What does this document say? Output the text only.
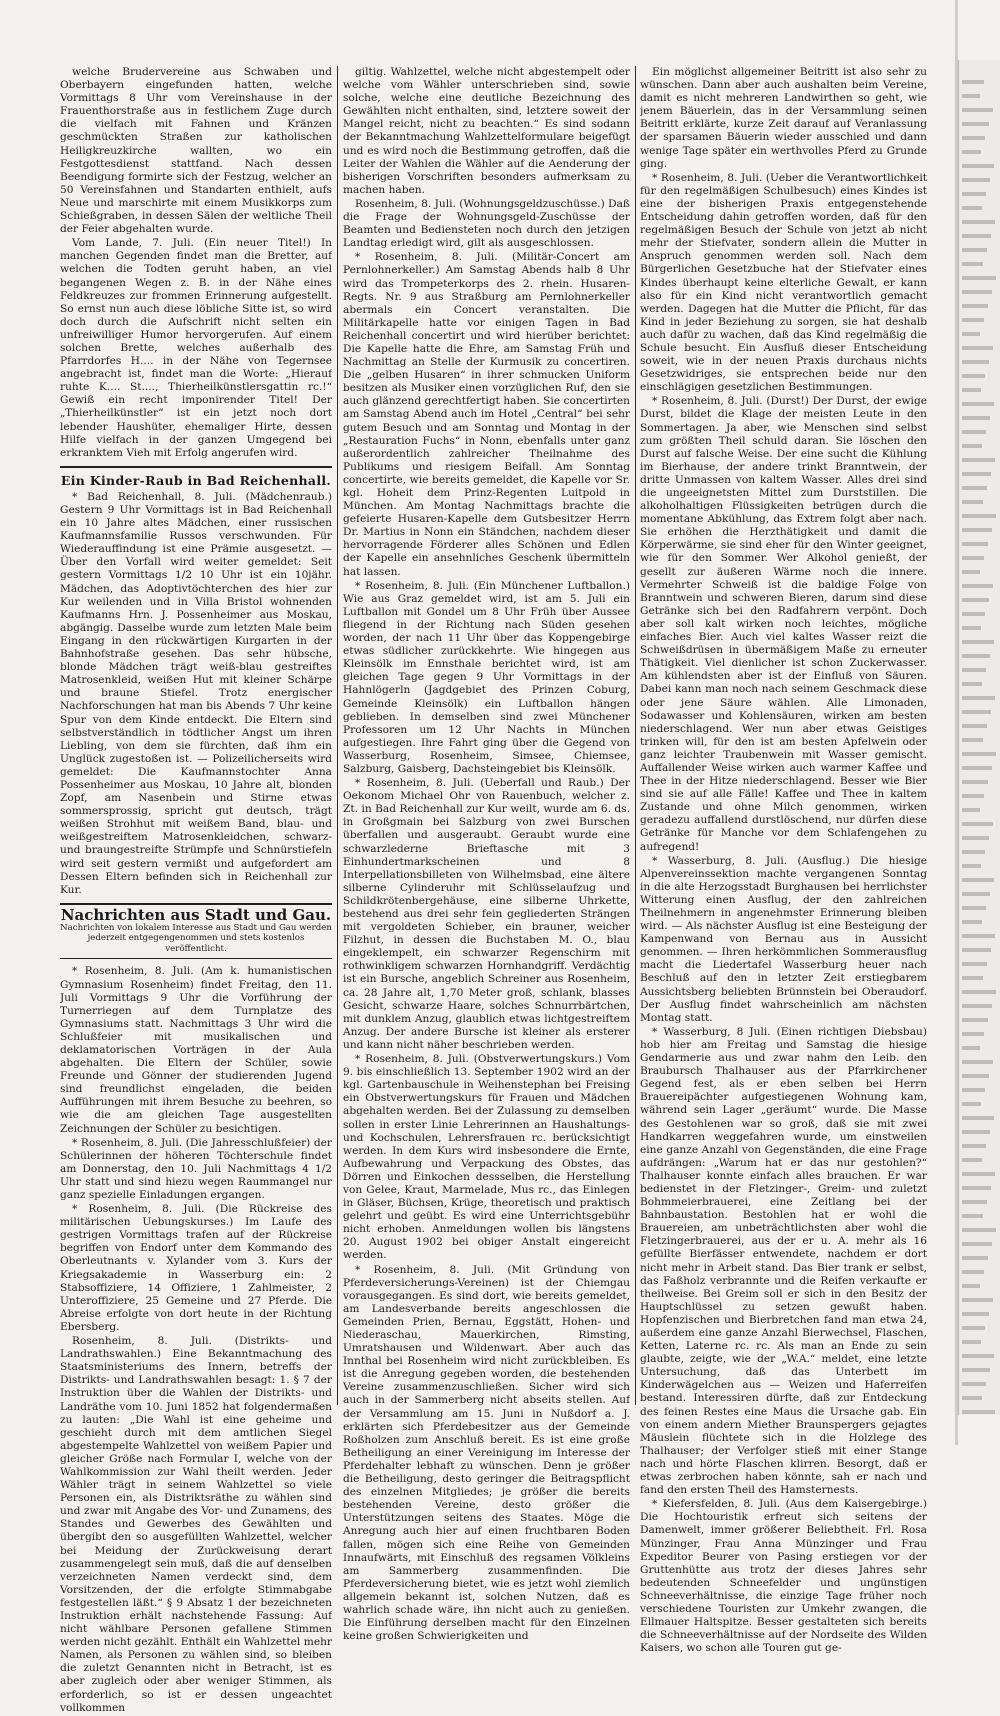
welche Brudervereine aus Schwaben und Oberbayern eingefunden hatten, welche Vormittags 8 Uhr vom Vereinshause in der Frauenthorstraße aus in festlichem Zuge durch die vielfach mit Fahnen und Kränzen geschmückten Straßen zur katholischen Heiligkreuzkirche wallten, wo ein Festgottesdienst stattfand. Nach dessen Beendigung formirte sich der Festzug, welcher an 50 Vereinsfahnen und Standarten enthielt, aufs Neue und marschirte mit einem Musikkorps zum Schießgraben, in dessen Sälen der weltliche Theil der Feier abgehalten wurde.

Vom Lande, 7. Juli. (Ein neuer Titel!) In manchen Gegenden findet man die Bretter, auf welchen die Todten geruht haben, an viel begangenen Wegen z. B. in der Nähe eines Feldkreuzes zur frommen Erinnerung aufgestellt. So ernst nun auch diese löbliche Sitte ist, so wird doch durch die Aufschrift nicht selten ein unfreiwilliger Humor hervorgerufen. Auf einem solchen Brette, welches außerhalb des Pfarrdorfes H.... in der Nähe von Tegernsee angebracht ist, findet man die Worte: „Hierauf ruhte K.... St...., Thierheilkünstlersgattin rc.!“ Gewiß ein recht imponirender Titel! Der „Thierheilkünstler“ ist ein jetzt noch dort lebender Haushüter, ehemaliger Hirte, dessen Hilfe vielfach in der ganzen Umgegend bei erkranktem Vieh mit Erfolg angerufen wird.

Ein Kinder-Raub in Bad Reichenhall.

* Bad Reichenhall, 8. Juli. (Mädchenraub.) Gestern 9 Uhr Vormittags ist in Bad Reichenhall ein 10 Jahre altes Mädchen, einer russischen Kaufmannsfamilie Russos verschwunden. Für Wiederauffindung ist eine Prämie ausgesetzt. — Über den Vorfall wird weiter gemeldet: Seit gestern Vormittags 1/2 10 Uhr ist ein 10jähr. Mädchen, das Adoptivtöchterchen des hier zur Kur weilenden und in Villa Bristol wohnenden Kaufmanns Hrn. J. Possenheimer aus Moskau, abgängig. Dasselbe wurde zum letzten Male beim Eingang in den rückwärtigen Kurgarten in der Bahnhofstraße gesehen. Das sehr hübsche, blonde Mädchen trägt weiß-blau gestreiftes Matrosenkleid, weißen Hut mit kleiner Schärpe und braune Stiefel. Trotz energischer Nachforschungen hat man bis Abends 7 Uhr keine Spur von dem Kinde entdeckt. Die Eltern sind selbstverständlich in tödtlicher Angst um ihren Liebling, von dem sie fürchten, daß ihm ein Unglück zugestoßen ist. — Polizeilicherseits wird gemeldet: Die Kaufmannstochter Anna Possenheimer aus Moskau, 10 Jahre alt, blonden Zopf, am Nasenbein und Stirne etwas sommersprossig, spricht gut deutsch, trägt weißen Strohhut mit weißem Band, blau- und weißgestreiftem Matrosenkleidchen, schwarz- und braungestreifte Strümpfe und Schnürstiefeln wird seit gestern vermißt und aufgefordert am Dessen Eltern befinden sich in Reichenhall zur Kur.

Nachrichten aus Stadt und Gau.
Nachrichten von lokalem Interesse aus Stadt und Gau werden jederzeit entgegengenommen und stets kostenlos veröffentlicht.

* Rosenheim, 8. Juli. (Am k. humanistischen Gymnasium Rosenheim) findet Freitag, den 11. Juli Vormittags 9 Uhr die Vorführung der Turnerriegen auf dem Turnplatze des Gymnasiums statt. Nachmittags 3 Uhr wird die Schlußfeier mit musikalischen und deklamatorischen Vorträgen in der Aula abgehalten. Die Eltern der Schüler, sowie Freunde und Gönner der studierenden Jugend sind freundlichst eingeladen, die beiden Aufführungen mit ihrem Besuche zu beehren, so wie die am gleichen Tage ausgestellten Zeichnungen der Schüler zu besichtigen.

* Rosenheim, 8. Juli. (Die Jahresschlußfeier) der Schülerinnen der höheren Töchterschule findet am Donnerstag, den 10. Juli Nachmittags 4 1/2 Uhr statt und sind hiezu wegen Raummangel nur ganz spezielle Einladungen ergangen.

* Rosenheim, 8. Juli. (Die Rückreise des militärischen Uebungskurses.) Im Laufe des gestrigen Vormittags trafen auf der Rückreise begriffen von Endorf unter dem Kommando des Oberleutnants v. Xylander vom 3. Kurs der Kriegsakademie in Wasserburg ein: 2 Stabsoffiziere, 14 Offiziere, 1 Zahlmeister, 2 Unteroffiziere, 25 Gemeine und 27 Pferde. Die Abreise erfolgte von dort heute in der Richtung Ebersberg.

Rosenheim, 8. Juli. (Distrikts- und Landrathswahlen.) Eine Bekanntmachung des Staatsministeriums des Innern, betreffs der Distrikts- und Landrathswahlen besagt: 1. § 7 der Instruktion über die Wahlen der Distrikts- und Landräthe vom 10. Juni 1852 hat folgendermaßen zu lauten: „Die Wahl ist eine geheime und geschieht durch mit dem amtlichen Siegel abgestempelte Wahlzettel von weißem Papier und gleicher Größe nach Formular I, welche von der Wahlkommission zur Wahl theilt werden. Jeder Wähler trägt in seinem Wahlzettel so viele Personen ein, als Distriktsräthe zu wählen sind und zwar mit Angabe des Vor- und Zunamens, des Standes und Gewerbes des Gewählten und übergibt den so ausgefüllten Wahlzettel, welcher bei Meidung der Zurückweisung derart zusammengelegt sein muß, daß die auf denselben verzeichneten Namen verdeckt sind, dem Vorsitzenden, der die erfolgte Stimmabgabe festgestellen läßt.“ § 9 Absatz 1 der bezeichneten Instruktion erhält nachstehende Fassung: Auf nicht wählbare Personen gefallene Stimmen werden nicht gezählt. Enthält ein Wahlzettel mehr Namen, als Personen zu wählen sind, so bleiben die zuletzt Genannten nicht in Betracht, ist es aber zugleich oder aber weniger Stimmen, als erforderlich, so ist er dessen ungeachtet vollkommen

giltig. Wahlzettel, welche nicht abgestempelt oder welche vom Wähler unterschrieben sind, sowie solche, welche eine deutliche Bezeichnung des Gewählten nicht enthalten, sind, letztere soweit der Mangel reicht, nicht zu beachten.“ Es sind sodann der Bekanntmachung Wahlzettelformulare beigefügt und es wird noch die Bestimmung getroffen, daß die Leiter der Wahlen die Wähler auf die Aenderung der bisherigen Vorschriften besonders aufmerksam zu machen haben.

Rosenheim, 8. Juli. (Wohnungsgeldzuschüsse.) Daß die Frage der Wohnungsgeld-Zuschüsse der Beamten und Bediensteten noch durch den jetzigen Landtag erledigt wird, gilt als ausgeschlossen.

* Rosenheim, 8. Juli. (Militär-Concert am Pernlohnerkeller.) Am Samstag Abends halb 8 Uhr wird das Trompeterkorps des 2. rhein. Husaren-Regts. Nr. 9 aus Straßburg am Pernlohnerkeller abermals ein Concert veranstalten. Die Militärkapelle hatte vor einigen Tagen in Bad Reichenhall concertirt und wird hierüber berichtet: Die Kapelle hatte die Ehre, am Samstag Früh und Nachmittag an Stelle der Kurmusik zu concertiren. Die „gelben Husaren“ in ihrer schmucken Uniform besitzen als Musiker einen vorzüglichen Ruf, den sie auch glänzend gerechtfertigt haben. Sie concertirten am Samstag Abend auch im Hotel „Central“ bei sehr gutem Besuch und am Sonntag und Montag in der „Restauration Fuchs“ in Nonn, ebenfalls unter ganz außerordentlich zahlreicher Theilnahme des Publikums und riesigem Beifall. Am Sonntag concertirte, wie bereits gemeldet, die Kapelle vor Sr. kgl. Hoheit dem Prinz-Regenten Luitpold in München. Am Montag Nachmittags brachte die gefeierte Husaren-Kapelle dem Gutsbesitzer Herrn Dr. Martius in Nonn ein Ständchen, nachdem dieser hervorragende Förderer alles Schönen und Edlen der Kapelle ein ansehnliches Geschenk übermitteln hat lassen.

* Rosenheim, 8. Juli. (Ein Münchener Luftballon.) Wie aus Graz gemeldet wird, ist am 5. Juli ein Luftballon mit Gondel um 8 Uhr Früh über Aussee fliegend in der Richtung nach Süden gesehen worden, der nach 11 Uhr über das Koppengebirge etwas südlicher zurückkehrte. Wie hingegen aus Kleinsölk im Ennsthale berichtet wird, ist am gleichen Tage gegen 9 Uhr Vormittags in der Hahnlögerln (Jagdgebiet des Prinzen Coburg, Gemeinde Kleinsölk) ein Luftballon hängen geblieben. In demselben sind zwei Münchener Professoren um 12 Uhr Nachts in München aufgestiegen. Ihre Fahrt ging über die Gegend von Wasserburg, Rosenheim, Simsee, Chiemsee, Salzburg, Gaisberg, Dachsteingebiet bis Kleinsölk.

* Rosenheim, 8. Juli. (Ueberfall und Raub.) Der Oekonom Michael Ohr von Rauenbuch, welcher z. Zt. in Bad Reichenhall zur Kur weilt, wurde am 6. ds. in Großgmain bei Salzburg von zwei Burschen überfallen und ausgeraubt. Geraubt wurde eine schwarzlederne Brieftasche mit 3 Einhundertmarkscheinen und 8 Interpellationsbilleten von Wilhelmsbad, eine ältere silberne Cylinderuhr mit Schlüsselaufzug und Schildkrötenbergehäuse, eine silberne Uhrkette, bestehend aus drei sehr fein gegliederten Strängen mit vergoldeten Schieber, ein brauner, weicher Filzhut, in dessen die Buchstaben M. O., blau eingeklempelt, ein schwarzer Regenschirm mit rothwinkligem schwarzen Hornhandgriff. Verdächtig ist ein Bursche, angeblich Schreiner aus Rosenheim, ca. 28 Jahre alt, 1,70 Meter groß, schlank, blasses Gesicht, schwarze Haare, solches Schnurrbärtchen, mit dunklem Anzug, glaublich etwas lichtgestreiftem Anzug. Der andere Bursche ist kleiner als ersterer und kann nicht näher beschrieben werden.

* Rosenheim, 8. Juli. (Obstverwertungskurs.) Vom 9. bis einschließlich 13. September 1902 wird an der kgl. Gartenbauschule in Weihenstephan bei Freising ein Obstverwertungskurs für Frauen und Mädchen abgehalten werden. Bei der Zulassung zu demselben sollen in erster Linie Lehrerinnen an Haushaltungs- und Kochschulen, Lehrersfrauen rc. berücksichtigt werden. In dem Kurs wird insbesondere die Ernte, Aufbewahrung und Verpackung des Obstes, das Dörren und Einkochen dessselben, die Herstellung von Gelee, Kraut, Marmelade, Mus rc., das Einlegen in Gläser, Büchsen, Krüge, theoretisch und praktisch gelehrt und geübt. Es wird eine Unterrichtsgebühr nicht erhoben. Anmeldungen wollen bis längstens 20. August 1902 bei obiger Anstalt eingereicht werden.

* Rosenheim, 8. Juli. (Mit Gründung von Pferdeversicherungs-Vereinen) ist der Chiemgau vorausgegangen. Es sind dort, wie bereits gemeldet, am Landesverbande bereits angeschlossen die Gemeinden Prien, Bernau, Eggstätt, Hohen- und Niederaschau, Mauerkirchen, Rimsting, Umratshausen und Wildenwart. Aber auch das Innthal bei Rosenheim wird nicht zurückbleiben. Es ist die Anregung gegeben worden, die bestehenden Vereine zusammenzuschließen. Sicher wird sich auch in der Sammerberg nicht abseits stellen. Auf der Versammlung am 15. Juni in Nußdorf a. J. erklärten sich Pferdebesitzer aus der Gemeinde Roßholzen zum Anschluß bereit. Es ist eine große Betheiligung an einer Vereinigung im Interesse der Pferdehalter lebhaft zu wünschen. Denn je größer die Betheiligung, desto geringer die Beitragspflicht des einzelnen Mitgliedes; je größer die bereits bestehenden Vereine, desto größer die Unterstützungen seitens des Staates. Möge die Anregung auch hier auf einen fruchtbaren Boden fallen, mögen sich eine Reihe von Gemeinden Innaufwärts, mit Einschluß des regsamen Völkleins am Sammerberg zusammenfinden. Die Pferdeversicherung bietet, wie es jetzt wohl ziemlich allgemein bekannt ist, solchen Nutzen, daß es wahrlich schade wäre, ihn nicht auch zu genießen. Die Einführung derselben macht für den Einzelnen keine großen Schwierigkeiten und

Ein möglichst allgemeiner Beitritt ist also sehr zu wünschen. Dann aber auch aushalten beim Vereine, damit es nicht mehreren Landwirthen so geht, wie jenem Bäuerlein, das in der Versammlung seinen Beitritt erklärte, kurze Zeit darauf auf Veranlassung der sparsamen Bäuerin wieder ausschied und dann wenige Tage später ein werthvolles Pferd zu Grunde ging.

* Rosenheim, 8. Juli. (Ueber die Verantwortlichkeit für den regelmäßigen Schulbesuch) eines Kindes ist eine der bisherigen Praxis entgegenstehende Entscheidung dahin getroffen worden, daß für den regelmäßigen Besuch der Schule von jetzt ab nicht mehr der Stiefvater, sondern allein die Mutter in Anspruch genommen werden soll. Nach dem Bürgerlichen Gesetzbuche hat der Stiefvater eines Kindes überhaupt keine elterliche Gewalt, er kann also für ein Kind nicht verantwortlich gemacht werden. Dagegen hat die Mutter die Pflicht, für das Kind in jeder Beziehung zu sorgen, sie hat deshalb auch dafür zu wachen, daß das Kind regelmäßig die Schule besucht. Ein Ausfluß dieser Entscheidung soweit, wie in der neuen Praxis durchaus nichts Gesetzwidriges, sie entsprechen beide nur den einschlägigen gesetzlichen Bestimmungen.

* Rosenheim, 8. Juli. (Durst!) Der Durst, der ewige Durst, bildet die Klage der meisten Leute in den Sommertagen. Ja aber, wie Menschen sind selbst zum größten Theil schuld daran. Sie löschen den Durst auf falsche Weise. Der eine sucht die Kühlung im Bierhause, der andere trinkt Branntwein, der dritte Unmassen von kaltem Wasser. Alles drei sind die ungeeignetsten Mittel zum Durststillen. Die alkoholhaltigen Flüssigkeiten betrügen durch die momentane Abkühlung, das Extrem folgt aber nach. Sie erhöhen die Herzthätigkeit und damit die Körperwärme, sie sind eher für den Winter geeignet, wie für den Sommer. Wer Alkohol genießt, der gesellt zur äußeren Wärme noch die innere. Vermehrter Schweiß ist die baldige Folge von Branntwein und schweren Bieren, darum sind diese Getränke sich bei den Radfahrern verpönt. Doch aber soll kalt wirken noch leichtes, mögliche einfaches Bier. Auch viel kaltes Wasser reizt die Schweißdrüsen in übermäßigem Maße zu erneuter Thätigkeit. Viel dienlicher ist schon Zuckerwasser. Am kühlendsten aber ist der Einfluß von Säuren. Dabei kann man noch nach seinem Geschmack diese oder jene Säure wählen. Alle Limonaden, Sodawasser und Kohlensäuren, wirken am besten niederschlagend. Wer nun aber etwas Geistiges trinken will, für den ist am besten Apfelwein oder ganz leichter Traubenwein mit Wasser gemischt. Auffallender Weise wirken auch warmer Kaffee und Thee in der Hitze niederschlagend. Besser wie Bier sind sie auf alle Fälle! Kaffee und Thee in kaltem Zustande und ohne Milch genommen, wirken geradezu auffallend durstlöschend, nur dürfen diese Getränke für Manche vor dem Schlafengehen zu aufregend!

* Wasserburg, 8. Juli. (Ausflug.) Die hiesige Alpenvereinssektion machte vergangenen Sonntag in die alte Herzogsstadt Burghausen bei herrlichster Witterung einen Ausflug, der den zahlreichen Theilnehmern in angenehmster Erinnerung bleiben wird. — Als nächster Ausflug ist eine Besteigung der Kampenwand von Bernau aus in Aussicht genommen. — Ihren herkömmlichen Sommerausflug macht die Liedertafel Wasserburg heuer nach Beschluß auf den in letzter Zeit erstiegbarem Aussichtsberg beliebten Brünnstein bei Oberaudorf. Der Ausflug findet wahrscheinlich am nächsten Montag statt.

* Wasserburg, 8 Juli. (Einen richtigen Diebsbau) hob hier am Freitag und Samstag die hiesige Gendarmerie aus und zwar nahm den Leib. den Braubursch Thalhauser aus der Pfarrkirchener Gegend fest, als er eben selben bei Herrn Brauereipächter aufgestiegenen Wohnung kam, während sein Lager „geräumt“ wurde. Die Masse des Gestohlenen war so groß, daß sie mit zwei Handkarren weggefahren wurde, um einstweilen eine ganze Anzahl von Gegenständen, die eine Frage aufdrängen: „Warum hat er das nur gestohlen?“ Thalhauser konnte einfach alles brauchen. Er war bedienstet in der Fletzinger-, Greim- und zuletzt Bohmmeierbrauerei, eine Zeitlang bei der Bahnbaustation. Bestohlen hat er wohl die Brauereien, am unbeträchtlichsten aber wohl die Fletzingerbrauerei, aus der er u. A. mehr als 16 gefüllte Bierfässer entwendete, nachdem er dort nicht mehr in Arbeit stand. Das Bier trank er selbst, das Faßholz verbrannte und die Reifen verkaufte er theilweise. Bei Greim soll er sich in den Besitz der Hauptschlüssel zu setzen gewußt haben. Hopfenzischen und Bierbretchen fand man etwa 24, außerdem eine ganze Anzahl Bierwechsel, Flaschen, Ketten, Laterne rc. rc. Als man an Ende zu sein glaubte, zeigte, wie der „W.A.“ meldet, eine letzte Untersuchung, daß das Unterbett im Kinderwägelchen aus — Weizen und Haferreifen bestand. Interessiren dürfte, daß zur Entdeckung des feinen Restes eine Maus die Ursache gab. Ein von einem andern Miether Braunspergers gejagtes Mäuslein flüchtete sich in die Holzlege des Thalhauser; der Verfolger stieß mit einer Stange nach und hörte Flaschen klirren. Besorgt, daß er etwas zerbrochen haben könnte, sah er nach und fand den ersten Theil des Hamsternests.

* Kiefersfelden, 8. Juli. (Aus dem Kaisergebirge.) Die Hochtouristik erfreut sich seitens der Damenwelt, immer größerer Beliebtheit. Frl. Rosa Münzinger, Frau Anna Münzinger und Frau Expeditor Beurer von Pasing erstiegen vor der Gruttenhütte aus trotz der dieses Jahres sehr bedeutenden Schneefelder und ungünstigen Schneeverhältnisse, die einzige Tage früher noch verschiedene Touristen zur Umkehr zwangen, die Ellmauer Haltspitze. Besser gestalteten sich bereits die Schneeverhältnisse auf der Nordseite des Wilden Kaisers, wo schon alle Touren gut ge-
